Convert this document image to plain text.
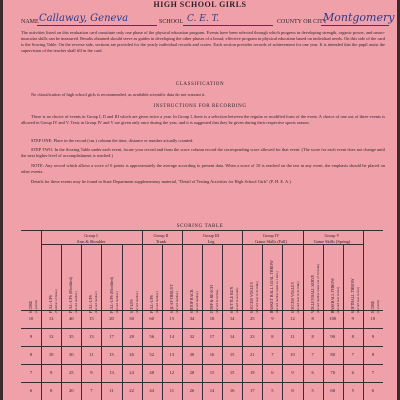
HIGH SCHOOL GIRLS
NAME Callaway, Geneva	SCHOOL C. E. T.	COUNTY OR CITY
Montgomery
The activities listed on this evaluation card constitute only one phase of the physical education program. Events have been selected through which progress in developing strength, organic power, and neuro-muscular skills can be measured. Results obtained should serve as guides in developing the other phases of a broad, effective program in physical education based on individual needs. On this side of the card is the Scoring Table. On the reverse side, sections are provided for the yearly individual records and scores. Each section provides records of achievement for one year. It is intended that the pupil assist the supervision of the teacher shall fill in the card.
CLASSIFICATION
No classification of high school girls is recommended, as available scientific data do not warrant it.
INSTRUCTIONS FOR RECORDING
There is no choice of events in Group I, II and III which are given twice a year. In Group I, there is a selection between the regular or modified form of the event. A choice of one out of three events is allowed in Group IV and V. Tests in Group IV and V are given only once during the year, and it is suggested that they be given during their respective sports season.
STEP ONE: Place in the record (cm.) column the time, distance or number actually counted.
STEP TWO: In the Scoring Table under each event, locate your record and from the score column record the corresponding score allowed for that event. (The score for each event does not change until the next higher level of accomplishment is reached.)
NOTE: Any record which allows a score of 0 points is approximately the average according to present data. When a score of 10 is reached on the test in any event, the emphasis should be placed on other events.
Details for these events may be found in State Department supplementary material, "Detail of Testing Activities for High School Girls" (P. H. E. A.).
SCORING TABLE
Group I
Arm & Shoulder
Group II
Trunk
Group III
Leg
Group IV
Game Skills (Fall)
Group V
Game Skills (Spring)
SCORE (in points)	PULL-UPS (Number of times)	PULL-UPS (Modified) (Record number)	PULL-UPS (Record number)	PULL-UPS (Modified) (Record number)	SIT-UPS (Record number)	PULL-UPS (Record number)	SQUAT-THRUST (Record number)	STOOP BACK (Record number)	JUMP & REACH (Record in inches)	SHUTTLE RUN (Record in seconds)	SOCCER VOLLEY (Record best in 10 trials)	BASKET BALL GOAL THROW (Record number made in 1 min.)	SOCCER VOLLEY (Record best in 10 trials)	VOLLEYBALL SERVE (Record number made out of 10 trials)	BASEBALL THROW (Record best in feet)	SOFTBALL THROW (Record best in feet)	SCORE (in points)
10	13	40	15	20	30	60	15	34	18	14	25	9	12	8	100	9	10
9	12	35	13	17	28	56	14	32	17	14	23	8	11	8	90	8	9
8	10	30	11	15	26	52	13	30	16	15	21	7	10	7	80	7	8
7	9	25	9	13	24	48	12	28	15	15	19	6	9	6	70	6	7
6	8	20	7	11	22	44	11	26	14	16	17	5	8	5	60	5	6
